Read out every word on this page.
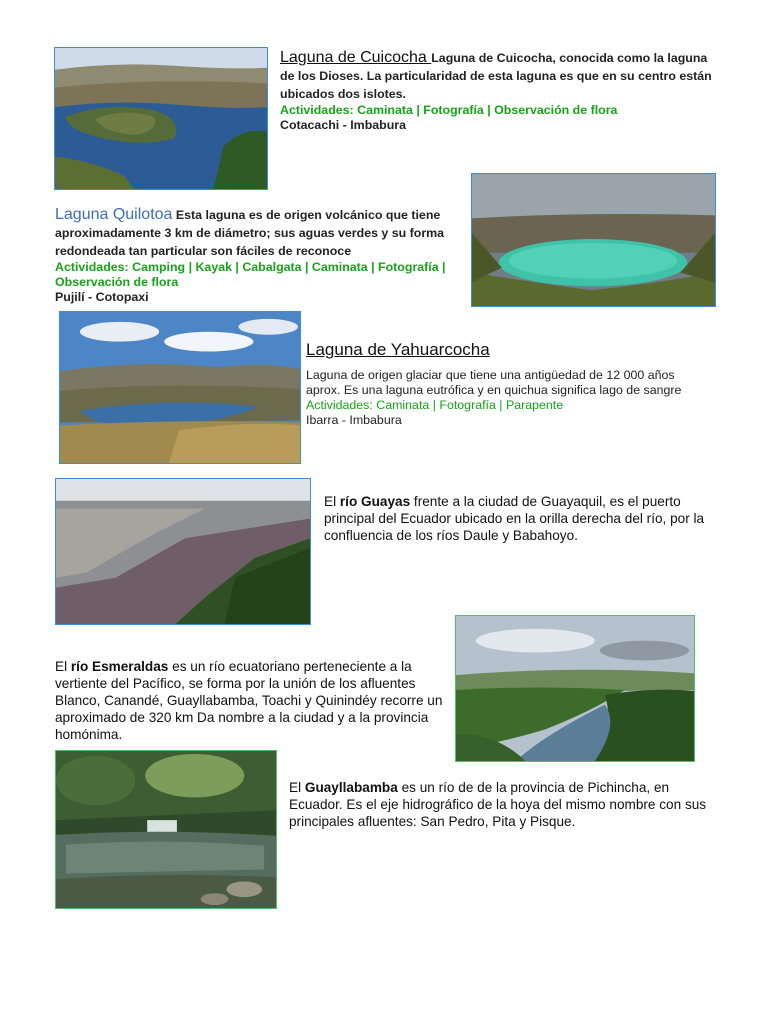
Laguna de Cuicocha Laguna de Cuicocha, conocida como la laguna de los Dioses. La particularidad de esta laguna es que en su centro están ubicados dos islotes.
Actividades: Caminata | Fotografía | Observación de flora
Cotacachi - Imbabura
Laguna Quilotoa Esta laguna es de origen volcánico que tiene aproximadamente 3 km de diámetro; sus aguas verdes y su forma redondeada tan particular son fáciles de reconoce
Actividades: Camping | Kayak | Cabalgata | Caminata | Fotografía | Observación de flora
Pujilí - Cotopaxi
Laguna de Yahuarcocha
Laguna de origen glaciar que tiene una antigüedad de 12 000 años aprox. Es una laguna eutrófica y en quichua significa lago de sangre
Actividades: Caminata | Fotografía | Parapente
Ibarra - Imbabura
El río Guayas frente a la ciudad de Guayaquil, es el puerto principal del Ecuador ubicado en la orilla derecha del río, por la confluencia de los ríos Daule y Babahoyo.
El río Esmeraldas es un río ecuatoriano perteneciente a la vertiente del Pacífico, se forma por la unión de los afluentes Blanco, Canandé, Guayllabamba, Toachi y Quinindéy recorre un aproximado de 320 km Da nombre a la ciudad y a la provincia homónima.
El Guayllabamba es un río de de la provincia de Pichincha, en Ecuador. Es el eje hidrográfico de la hoya del mismo nombre con sus principales afluentes: San Pedro, Pita y Pisque.
